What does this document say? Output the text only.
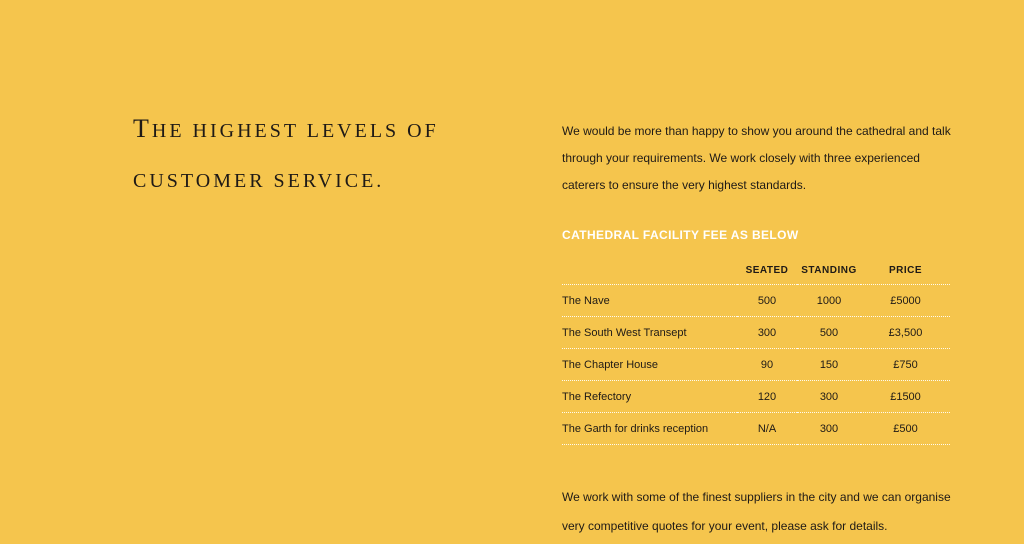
THE HIGHEST LEVELS OF
CUSTOMER SERVICE.

We would be more than happy to show you around the cathedral and talk

through your requirements. We work closely with three experienced

caterers to ensure the very highest standards.

CATHEDRAL FACILITY FEE AS BELOW
	SEATED	STANDING	PRICE
The Nave	500	1000	£5000
The South West Transept	300	500	£3,500
The Chapter House	90	150	£750
The Refectory	120	300	£1500
The Garth for drinks reception	N/A	300	£500

We work with some of the finest suppliers in the city and we can organise

very competitive quotes for your event, please ask for details.
